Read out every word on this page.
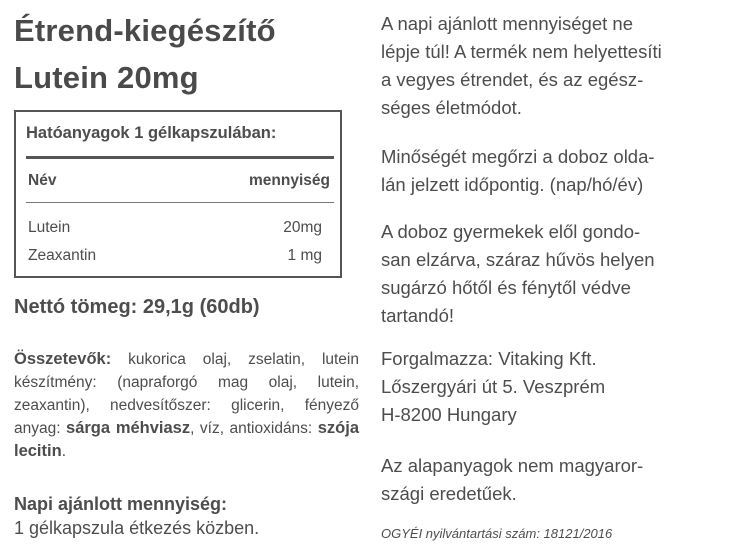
Étrend-kiegészítő
Lutein 20mg
Hatóanyagok 1 gélkapszulában:
Név	mennyiség
Lutein	20mg
Zeaxantin	1 mg
Nettó tömeg: 29,1g (60db)
Összetevők: kukorica olaj, zselatin, lutein készítmény: (napraforgó mag olaj, lutein, zeaxantin), nedvesítőszer: glicerin, fényező anyag: sárga méhviasz, víz, antioxidáns: szója lecitin.
Napi ajánlott mennyiség:
1 gélkapszula étkezés közben.

A napi ajánlott mennyiséget ne
lépje túl! A termék nem helyettesíti
a vegyes étrendet, és az egész-
séges életmódot.

Minőségét megőrzi a doboz olda-
lán jelzett időpontig. (nap/hó/év)

A doboz gyermekek elől gondo-
san elzárva, száraz hűvös helyen
sugárzó hőtől és fénytől védve
tartandó!

Forgalmazza: Vitaking Kft.
Lőszergyári út 5. Veszprém
H-8200 Hungary

Az alapanyagok nem magyaror-
szági eredetűek.

OGYÉI nyilvántartási szám: 18121/2016
